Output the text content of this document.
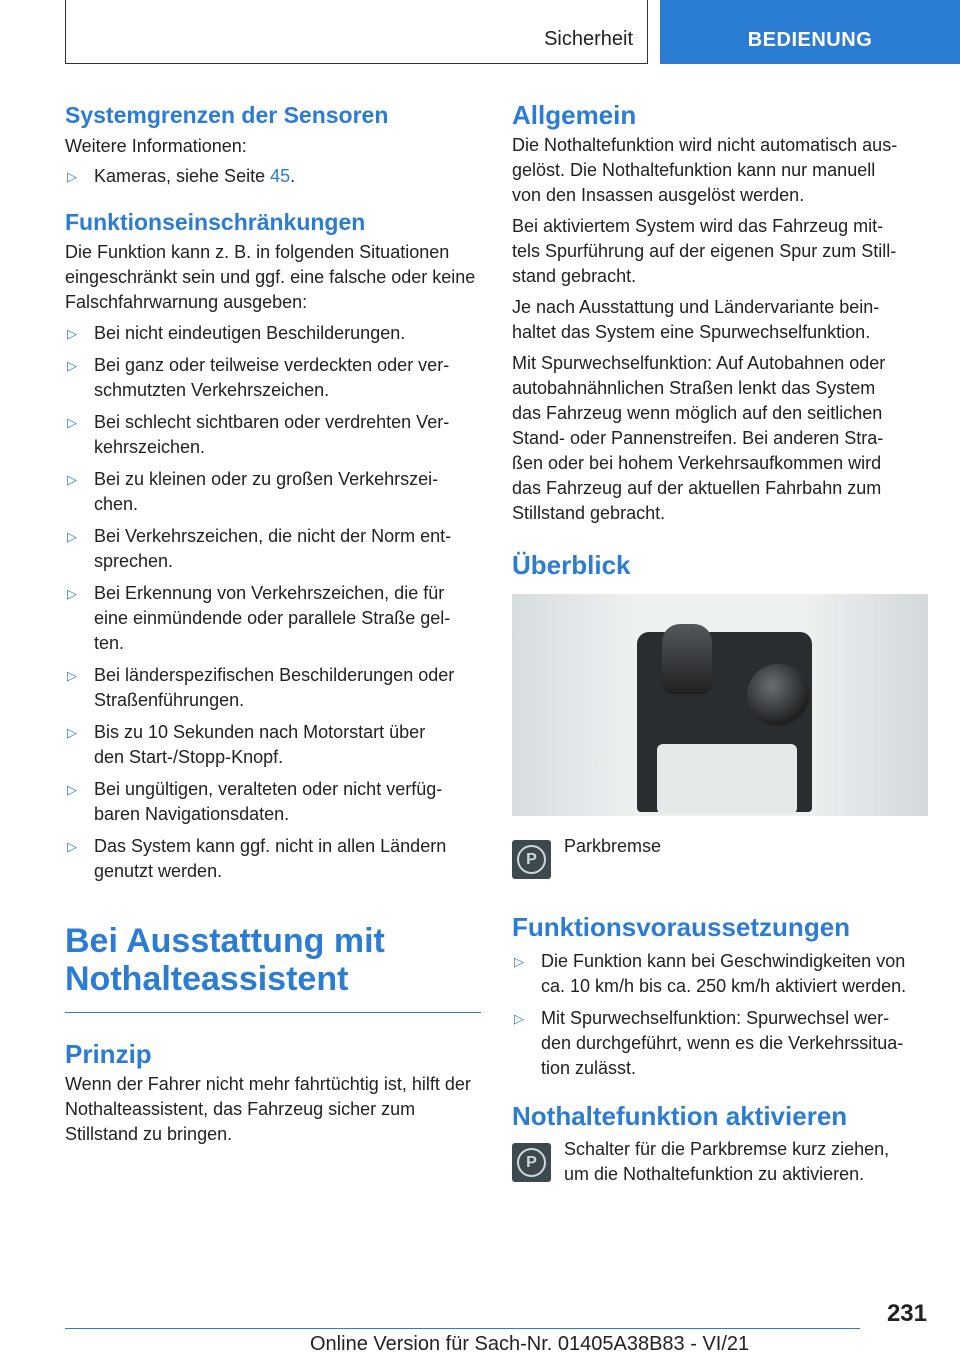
Sicherheit	BEDIENUNG
Systemgrenzen der Sensoren

Weitere Informationen:

▷ Kameras, siehe Seite 45.
Funktionseinschränkungen

Die Funktion kann z. B. in folgenden Situationen eingeschränkt sein und ggf. eine falsche oder keine Falschfahrwarnung ausgeben:

▷ Bei nicht eindeutigen Beschilderungen.
▷ Bei ganz oder teilweise verdeckten oder ver-
schmutzten Verkehrszeichen.
▷ Bei schlecht sichtbaren oder verdrehten Ver-
kehrszeichen.
▷ Bei zu kleinen oder zu großen Verkehrszei-
chen.
▷ Bei Verkehrszeichen, die nicht der Norm ent-
sprechen.
▷ Bei Erkennung von Verkehrszeichen, die für
eine einmündende oder parallele Straße gel-
ten.
▷ Bei länderspezifischen Beschilderungen oder
Straßenführungen.
▷ Bis zu 10 Sekunden nach Motorstart über
den Start-/Stopp-Knopf.
▷ Bei ungültigen, veralteten oder nicht verfüg-
baren Navigationsdaten.
▷ Das System kann ggf. nicht in allen Ländern
genutzt werden.
Bei Ausstattung mit
Nothalteassistent
Prinzip

Wenn der Fahrer nicht mehr fahrtüchtig ist, hilft der Nothalteassistent, das Fahrzeug sicher zum Stillstand zu bringen.

Allgemein

Die Nothaltefunktion wird nicht automatisch aus-
gelöst. Die Nothaltefunktion kann nur manuell
von den Insassen ausgelöst werden.

Bei aktiviertem System wird das Fahrzeug mit-
tels Spurführung auf der eigenen Spur zum Still-
stand gebracht.

Je nach Ausstattung und Ländervariante bein-
haltet das System eine Spurwechselfunktion.

Mit Spurwechselfunktion: Auf Autobahnen oder
autobahnähnlichen Straßen lenkt das System
das Fahrzeug wenn möglich auf den seitlichen
Stand- oder Pannenstreifen. Bei anderen Stra-
ßen oder bei hohem Verkehrsaufkommen wird
das Fahrzeug auf der aktuellen Fahrbahn zum
Stillstand gebracht.

Überblick
P

Parkbremse

Funktionsvoraussetzungen
▷ Die Funktion kann bei Geschwindigkeiten von
ca. 10 km/h bis ca. 250 km/h aktiviert werden.
▷ Mit Spurwechselfunktion: Spurwechsel wer-
den durchgeführt, wenn es die Verkehrssitua-
tion zulässt.
Nothaltefunktion aktivieren
P

Schalter für die Parkbremse kurz ziehen,
um die Nothaltefunktion zu aktivieren.

231
Online Version für Sach-Nr. 01405A38B83 - VI/21
